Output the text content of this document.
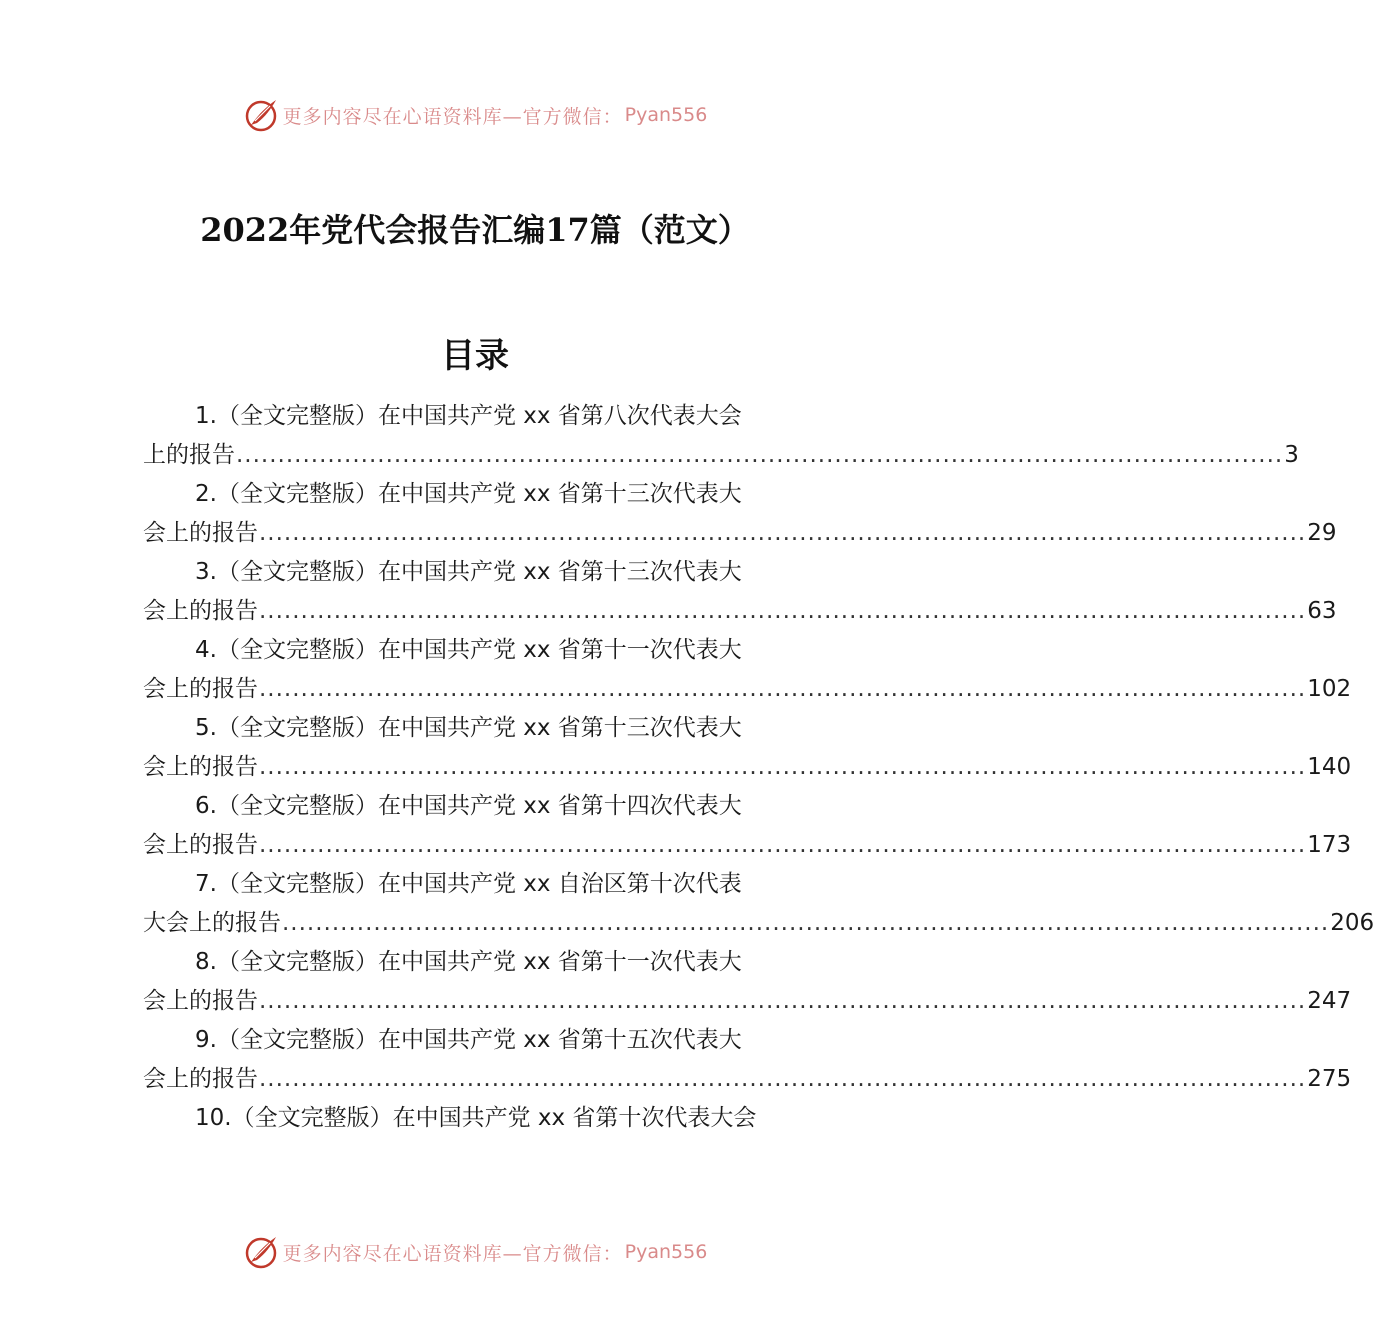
更多内容尽在心语资料库—官方微信： Pyan556
2022年党代会报告汇编17篇（范文）
目录
1.（全文完整版）在中国共产党 xx 省第八次代表大会
上的报告 .............................................................................................................................. 3
2.（全文完整版）在中国共产党 xx 省第十三次代表大
会上的报告 .............................................................................................................................. 29
3.（全文完整版）在中国共产党 xx 省第十三次代表大
会上的报告 .............................................................................................................................. 63
4.（全文完整版）在中国共产党 xx 省第十一次代表大
会上的报告 .............................................................................................................................. 102
5.（全文完整版）在中国共产党 xx 省第十三次代表大
会上的报告 .............................................................................................................................. 140
6.（全文完整版）在中国共产党 xx 省第十四次代表大
会上的报告 .............................................................................................................................. 173
7.（全文完整版）在中国共产党 xx 自治区第十次代表
大会上的报告 .............................................................................................................................. 206
8.（全文完整版）在中国共产党 xx 省第十一次代表大
会上的报告 .............................................................................................................................. 247
9.（全文完整版）在中国共产党 xx 省第十五次代表大
会上的报告 .............................................................................................................................. 275
10.（全文完整版）在中国共产党 xx 省第十次代表大会
更多内容尽在心语资料库—官方微信： Pyan556
